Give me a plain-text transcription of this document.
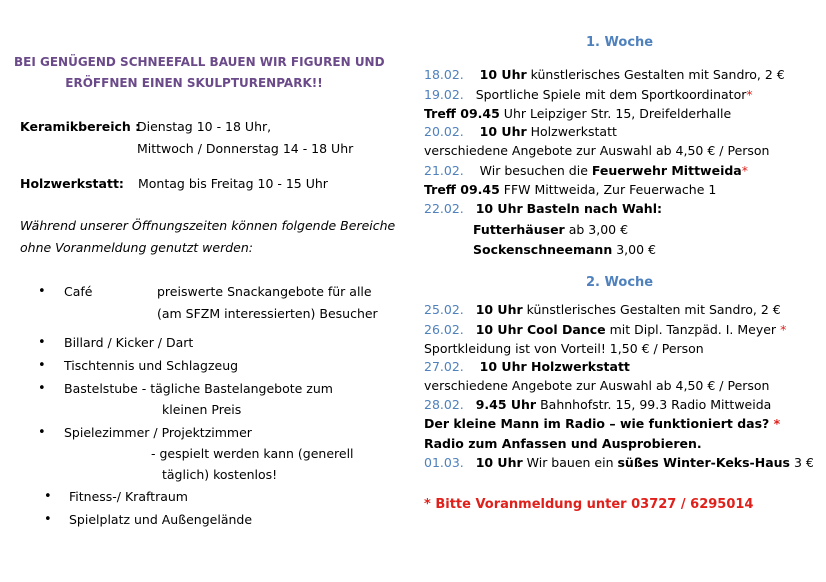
BEI GENÜGEND SCHNEEFALL BAUEN WIR FIGUREN UND
ERÖFFNEN EINEN SKULPTURENPARK!!
Keramikbereich :
Dienstag 10 - 18 Uhr,
Mittwoch / Donnerstag 14 - 18 Uhr
Holzwerkstatt: Montag bis Freitag 10 - 15 Uhr
Während unserer Öffnungszeiten können folgende Bereiche
ohne Voranmeldung genutzt werden:
• Café	preiswerte Snackangebote für alle
(am SFZM interessierten) Besucher
• Billard / Kicker / Dart
• Tischtennis und Schlagzeug
• Bastelstube - tägliche Bastelangebote zum
kleinen Preis
• Spielezimmer / Projektzimmer
- gespielt werden kann (generell
täglich) kostenlos!
• Fitness-/ Kraftraum
• Spielplatz und Außengelände
1. Woche
18.02. 10 Uhr künstlerisches Gestalten mit Sandro, 2 €
19.02. Sportliche Spiele mit dem Sportkoordinator*
Treff 09.45 Uhr Leipziger Str. 15, Dreifelderhalle
20.02. 10 Uhr Holzwerkstatt
verschiedene Angebote zur Auswahl ab 4,50 € / Person
21.02. Wir besuchen die Feuerwehr Mittweida*
Treff 09.45 FFW Mittweida, Zur Feuerwache 1
22.02. 10 Uhr Basteln nach Wahl:
Futterhäuser ab 3,00 €
Sockenschneemann 3,00 €
2. Woche
25.02. 10 Uhr künstlerisches Gestalten mit Sandro, 2 €
26.02. 10 Uhr Cool Dance mit Dipl. Tanzpäd. I. Meyer *
Sportkleidung ist von Vorteil! 1,50 € / Person
27.02. 10 Uhr Holzwerkstatt
verschiedene Angebote zur Auswahl ab 4,50 € / Person
28.02. 9.45 Uhr Bahnhofstr. 15, 99.3 Radio Mittweida
Der kleine Mann im Radio – wie funktioniert das? *
Radio zum Anfassen und Ausprobieren.
01.03. 10 Uhr Wir bauen ein süßes Winter-Keks-Haus 3 €
* Bitte Voranmeldung unter 03727 / 6295014
